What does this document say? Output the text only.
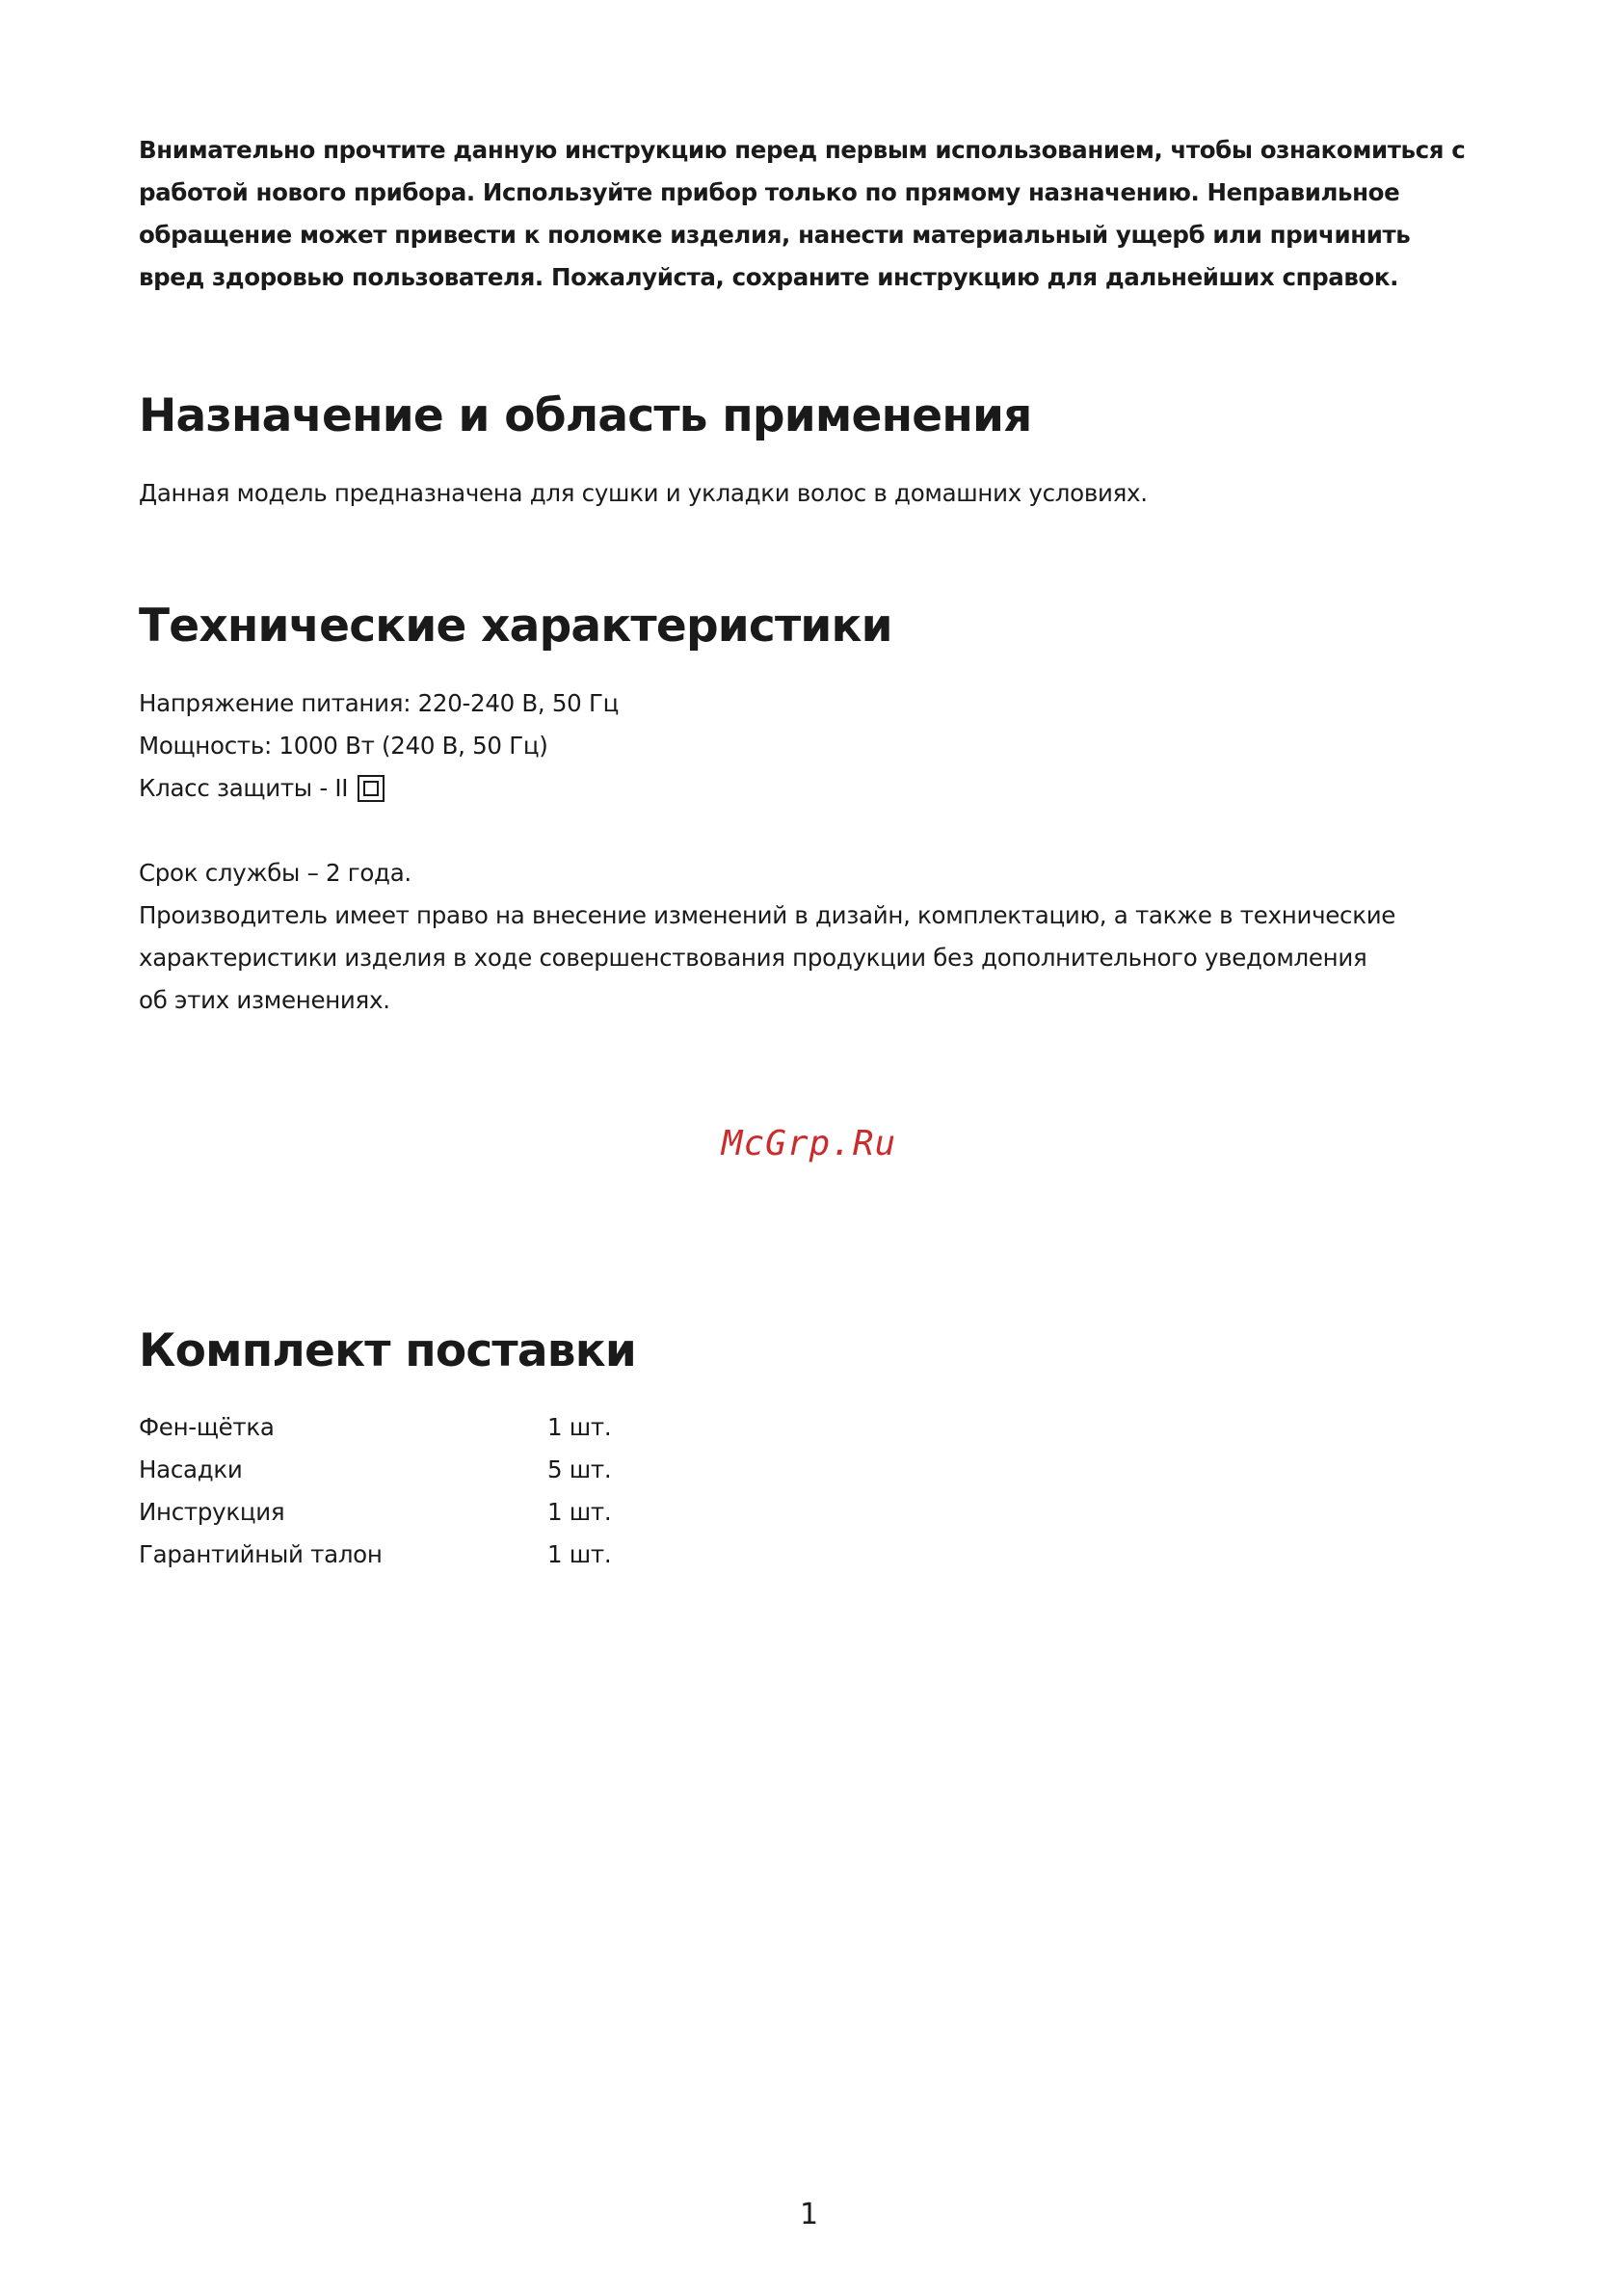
Внимательно прочтите данную инструкцию перед первым использованием, чтобы ознакомиться с работой нового прибора. Используйте прибор только по прямому назначению. Неправильное обращение может привести к поломке изделия, нанести материальный ущерб или причинить вред здоровью пользователя. Пожалуйста, сохраните инструкцию для дальнейших справок.

Назначение и область применения

Данная модель предназначена для сушки и укладки волос в домашних условиях.

Технические характеристики
Напряжение питания: 220-240 В, 50 Гц
Мощность: 1000 Вт (240 В, 50 Гц)
Класс защиты - II
Срок службы – 2 года.
Производитель имеет право на внесение изменений в дизайн, комплектацию, а также в технические
характеристики изделия в ходе совершенствования продукции без дополнительного уведомления
об этих изменениях.
McGrp.Ru
Комплект поставки
Фен-щётка	1 шт.
Насадки	5 шт.
Инструкция	1 шт.
Гарантийный талон	1 шт.
1
